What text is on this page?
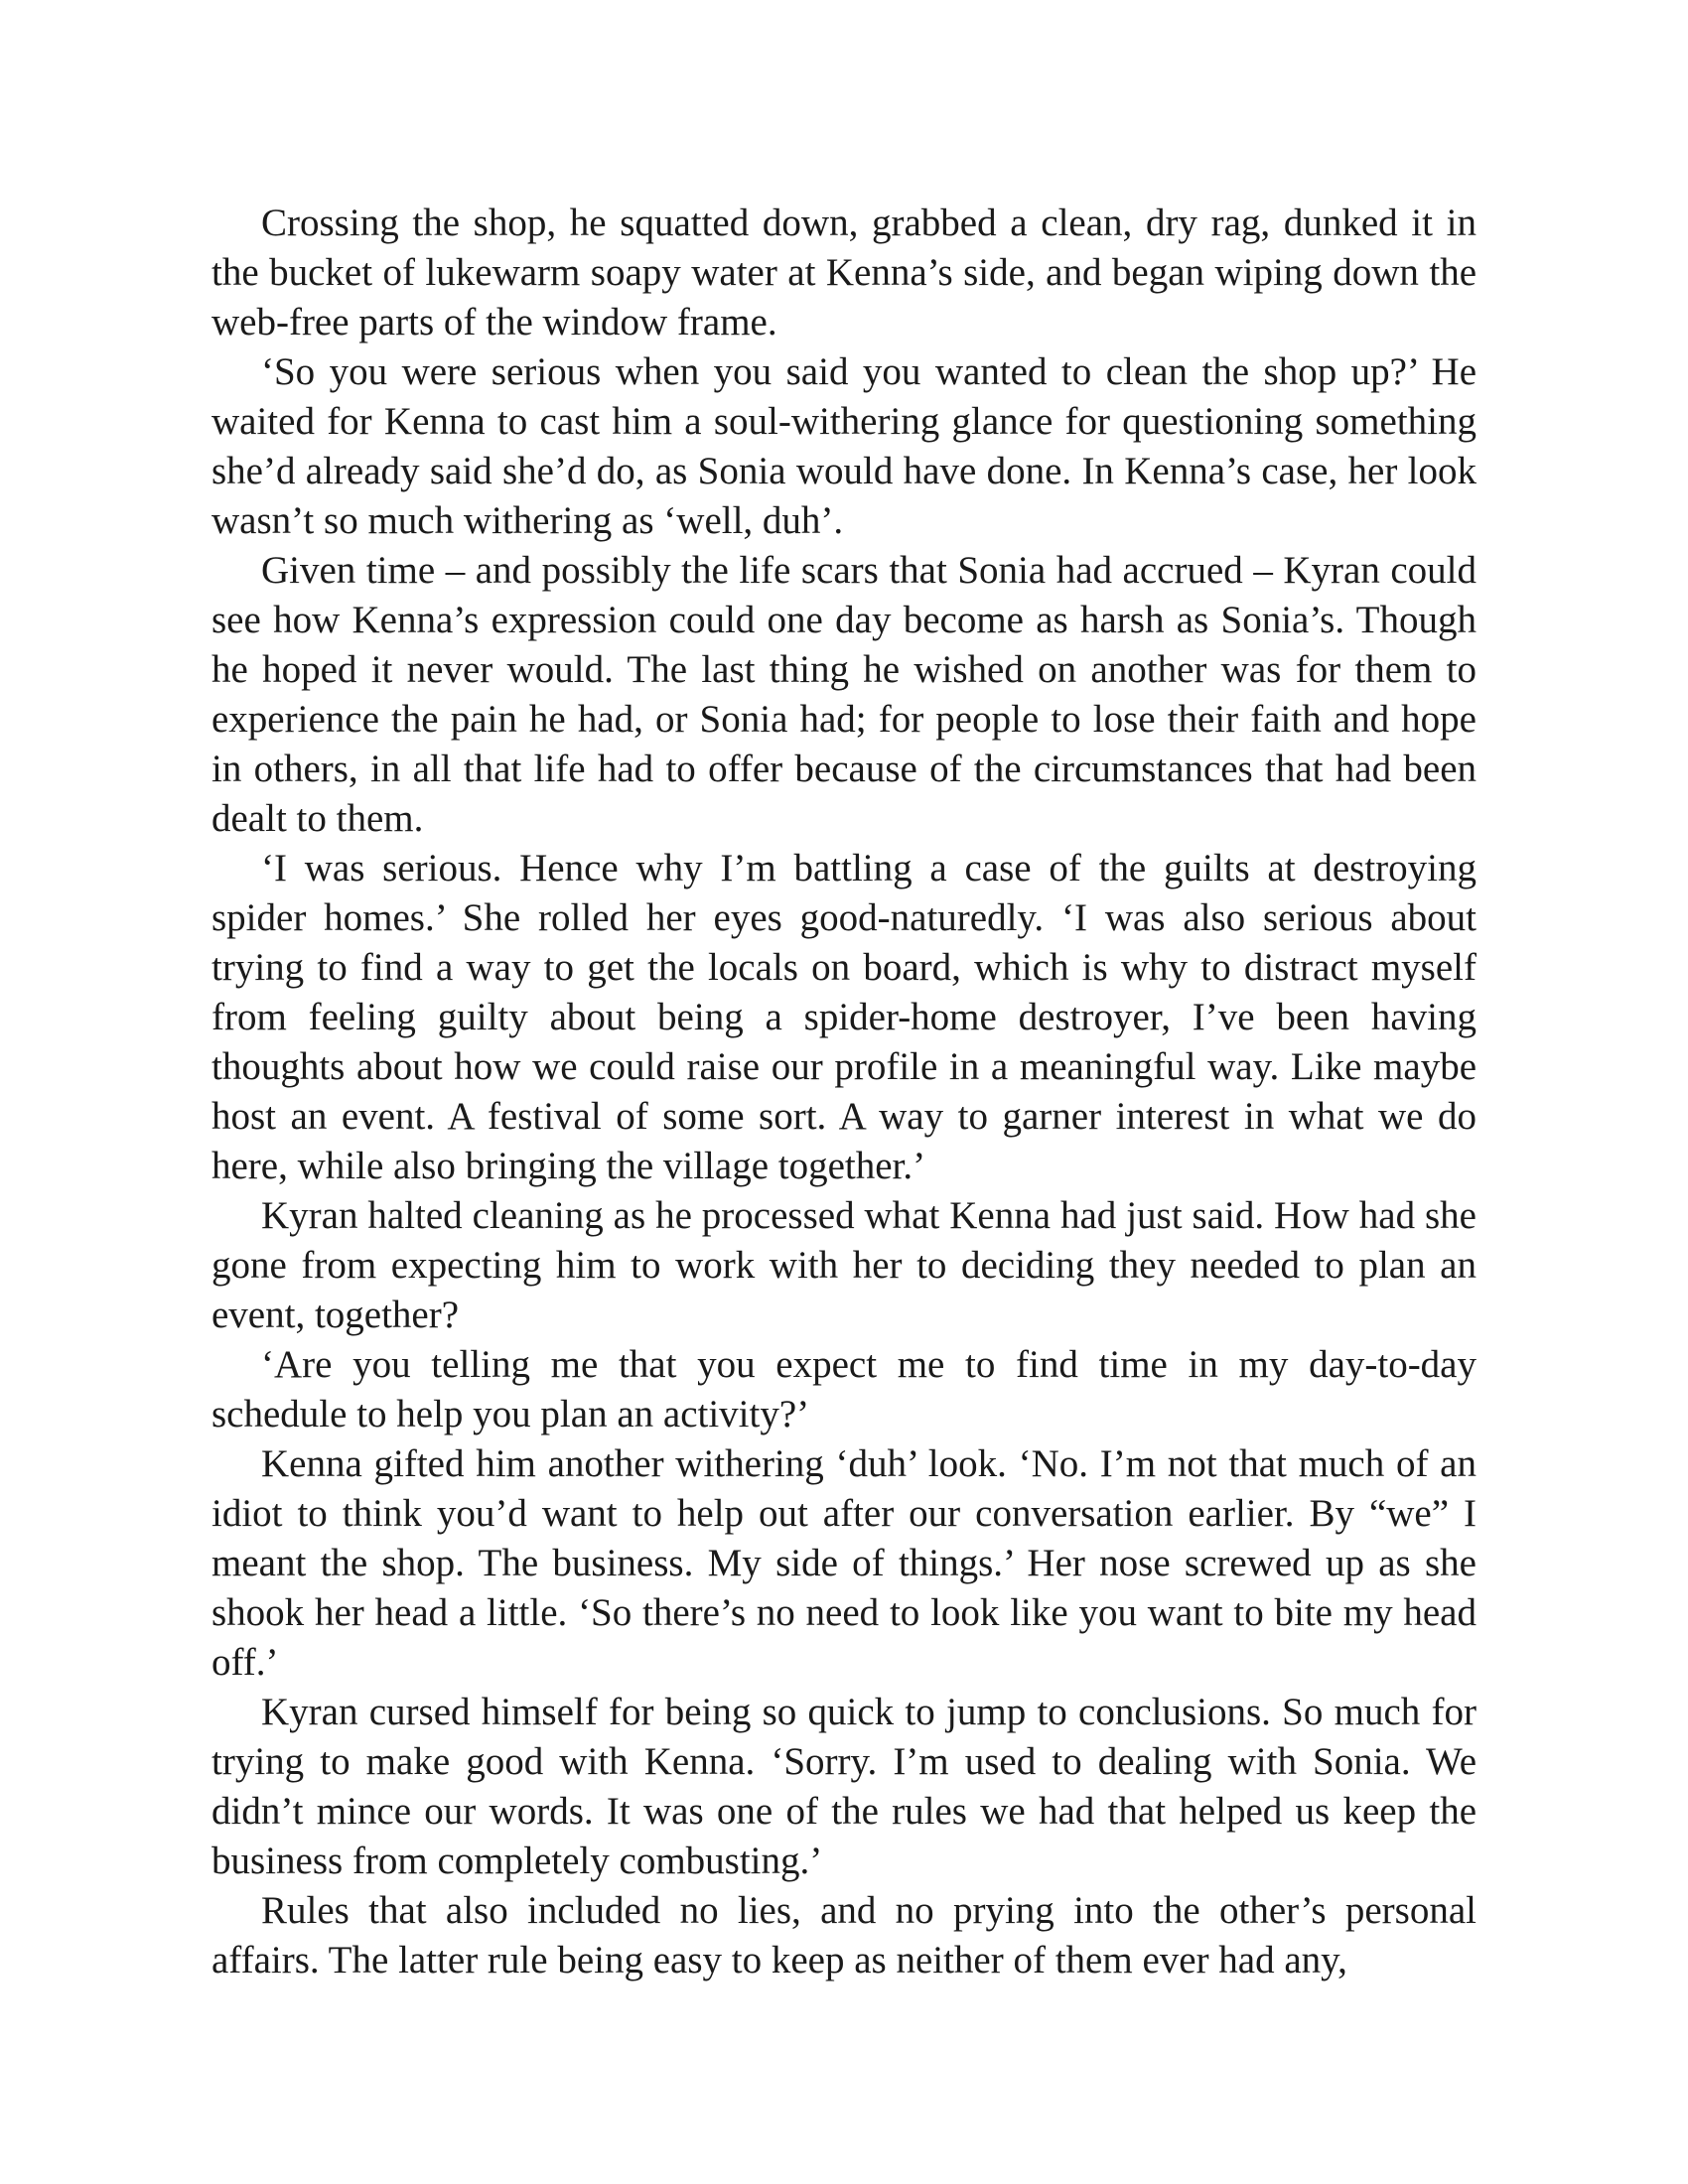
Crossing the shop, he squatted down, grabbed a clean, dry rag, dunked it in the bucket of lukewarm soapy water at Kenna’s side, and began wiping down the web-free parts of the window frame.

‘So you were serious when you said you wanted to clean the shop up?’ He waited for Kenna to cast him a soul-withering glance for questioning something she’d already said she’d do, as Sonia would have done. In Kenna’s case, her look wasn’t so much withering as ‘well, duh’.

Given time – and possibly the life scars that Sonia had accrued – Kyran could see how Kenna’s expression could one day become as harsh as Sonia’s. Though he hoped it never would. The last thing he wished on another was for them to experience the pain he had, or Sonia had; for people to lose their faith and hope in others, in all that life had to offer because of the circumstances that had been dealt to them.

‘I was serious. Hence why I’m battling a case of the guilts at destroying spider homes.’ She rolled her eyes good-naturedly. ‘I was also serious about trying to find a way to get the locals on board, which is why to distract myself from feeling guilty about being a spider-home destroyer, I’ve been having thoughts about how we could raise our profile in a meaningful way. Like maybe host an event. A festival of some sort. A way to garner interest in what we do here, while also bringing the village together.’

Kyran halted cleaning as he processed what Kenna had just said. How had she gone from expecting him to work with her to deciding they needed to plan an event, together?

‘Are you telling me that you expect me to find time in my day-to-day schedule to help you plan an activity?’

Kenna gifted him another withering ‘duh’ look. ‘No. I’m not that much of an idiot to think you’d want to help out after our conversation earlier. By “we” I meant the shop. The business. My side of things.’ Her nose screwed up as she shook her head a little. ‘So there’s no need to look like you want to bite my head off.’

Kyran cursed himself for being so quick to jump to conclusions. So much for trying to make good with Kenna. ‘Sorry. I’m used to dealing with Sonia. We didn’t mince our words. It was one of the rules we had that helped us keep the business from completely combusting.’

Rules that also included no lies, and no prying into the other’s personal affairs. The latter rule being easy to keep as neither of them ever had any,
